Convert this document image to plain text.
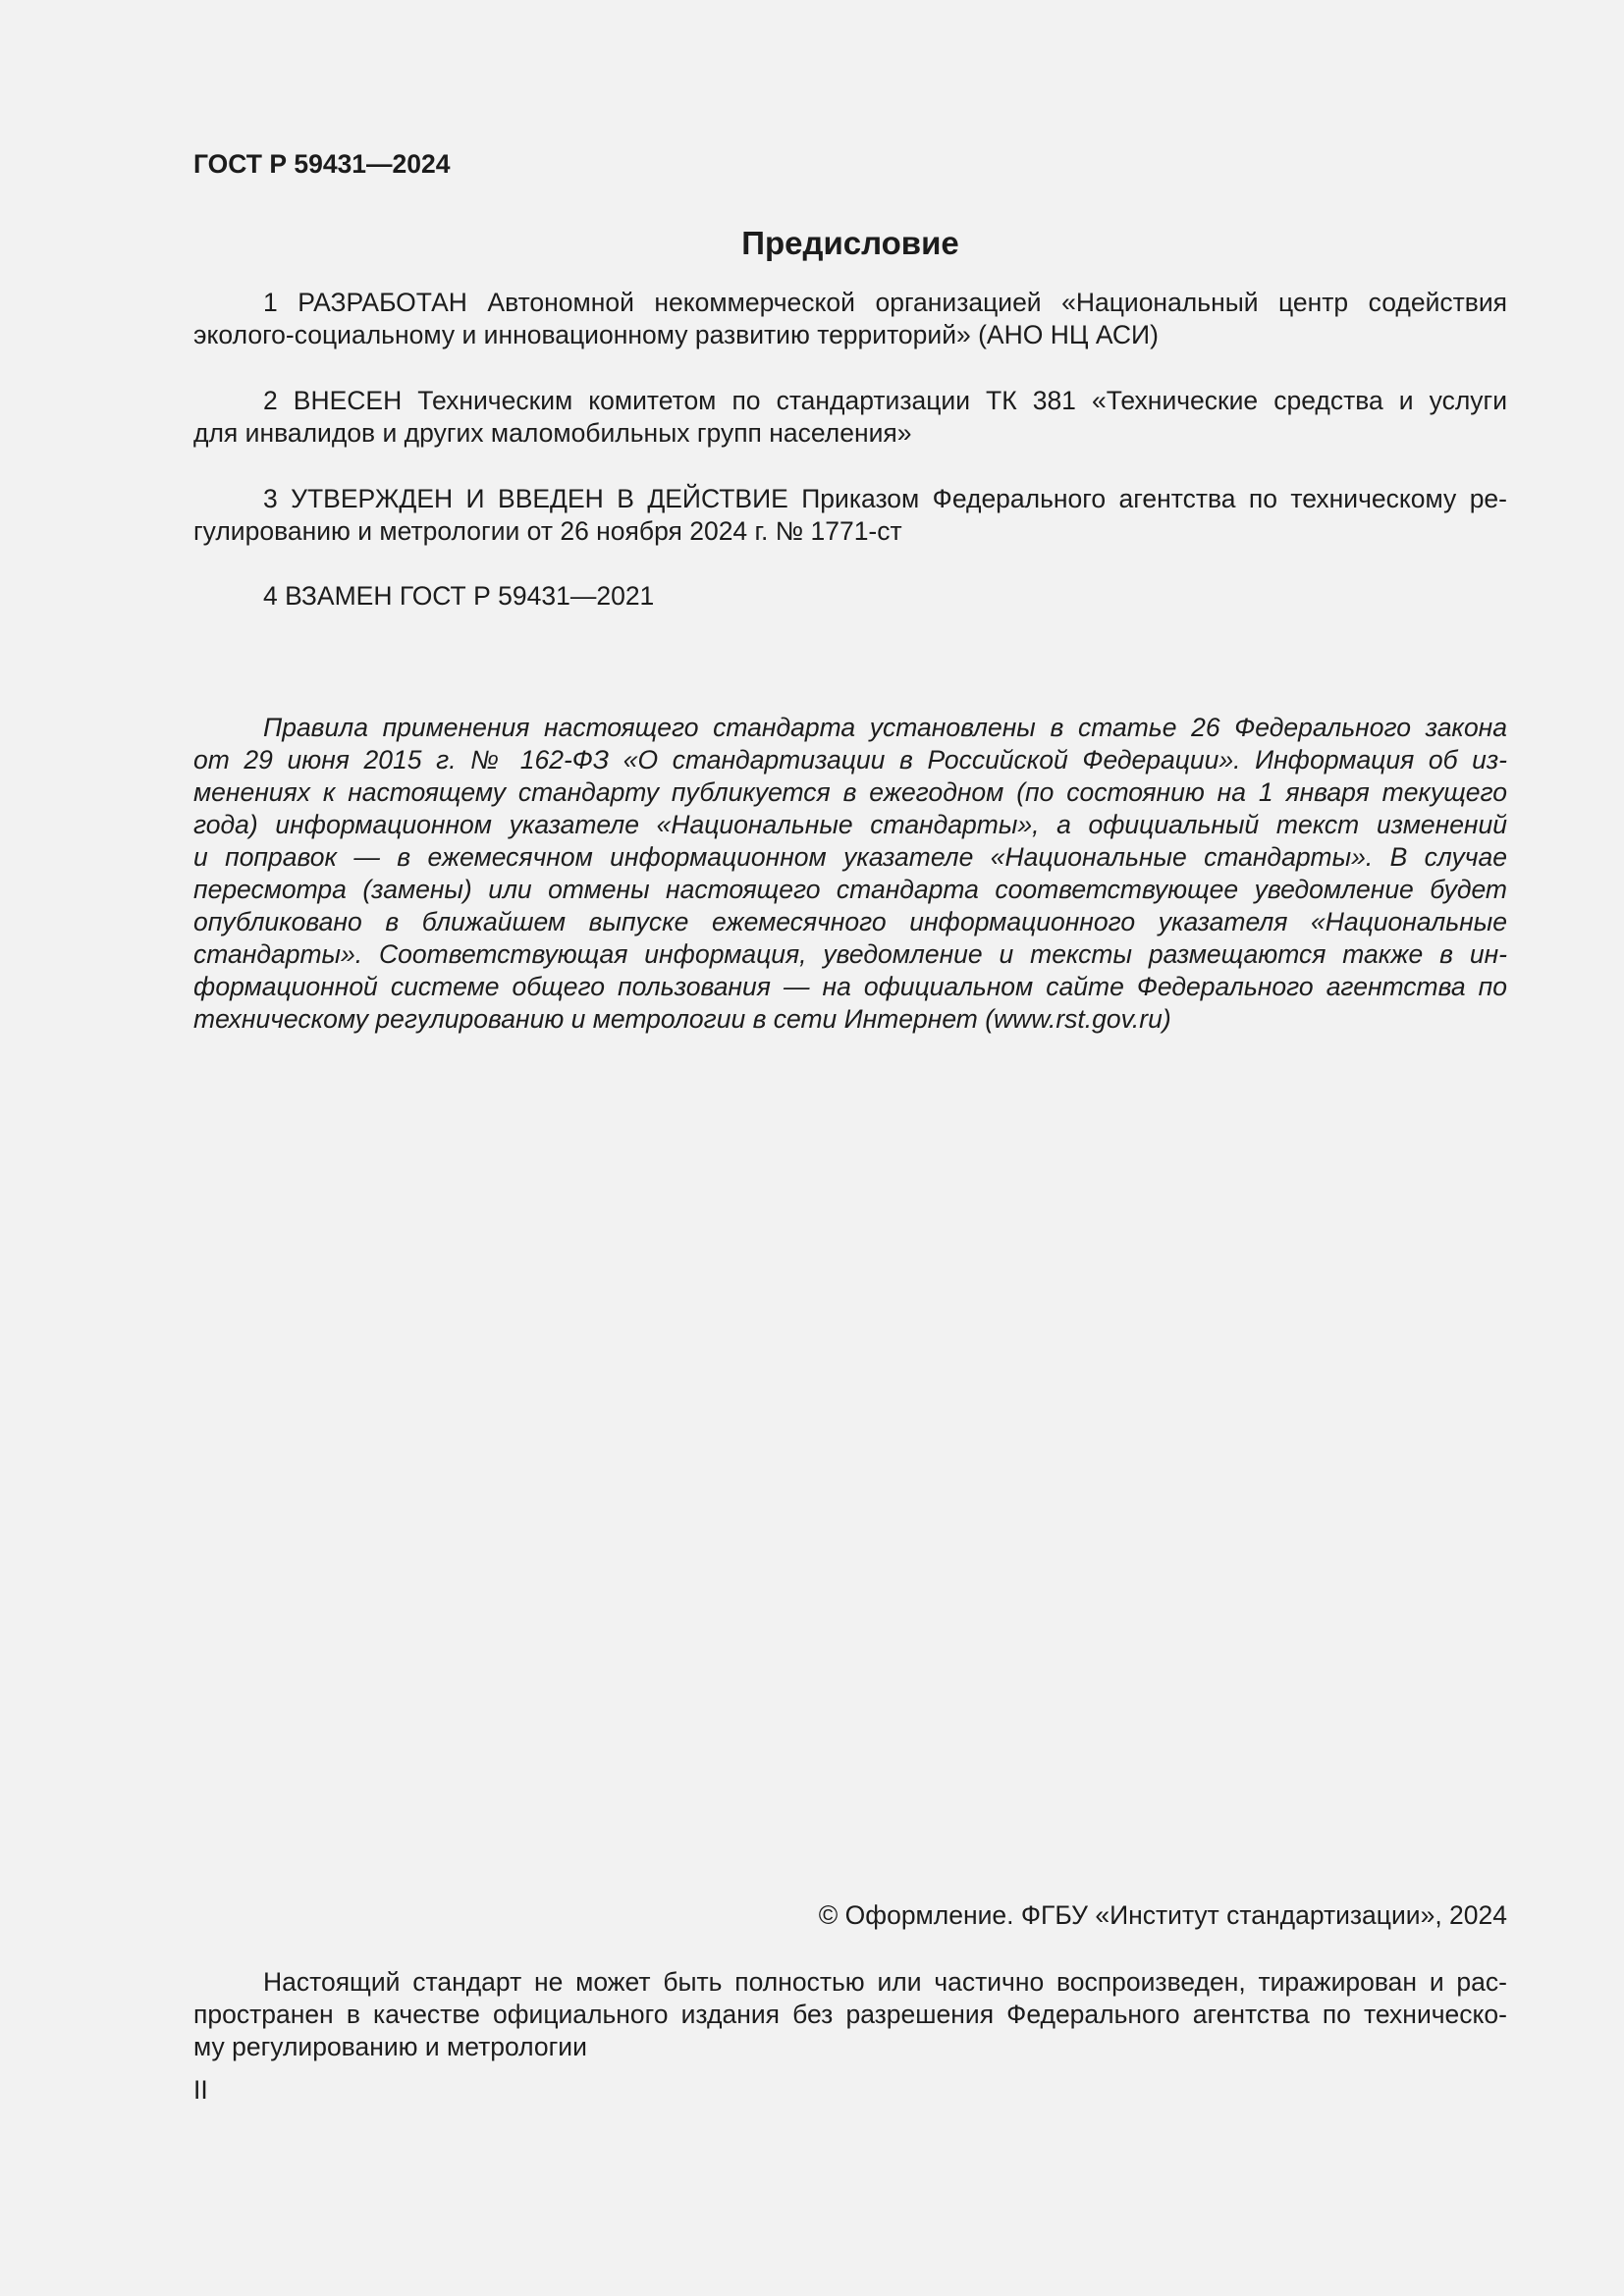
ГОСТ Р 59431—2024

Предисловие

1 РАЗРАБОТАН Автономной некоммерческой организацией «Национальный центр содействия
эколого-социальному и инновационному развитию территорий» (АНО НЦ АСИ)

2 ВНЕСЕН Техническим комитетом по стандартизации ТК 381 «Технические средства и услуги
для инвалидов и других маломобильных групп населения»

3 УТВЕРЖДЕН И ВВЕДЕН В ДЕЙСТВИЕ Приказом Федерального агентства по техническому ре-
гулированию и метрологии от 26 ноября 2024 г. № 1771-ст

4 ВЗАМЕН ГОСТ Р 59431—2021

Правила применения настоящего стандарта установлены в статье 26 Федерального закона
от 29 июня 2015 г. № 162-ФЗ «О стандартизации в Российской Федерации». Информация об из-
менениях к настоящему стандарту публикуется в ежегодном (по состоянию на 1 января текущего
года) информационном указателе «Национальные стандарты», а официальный текст изменений
и поправок — в ежемесячном информационном указателе «Национальные стандарты». В случае
пересмотра (замены) или отмены настоящего стандарта соответствующее уведомление будет
опубликовано в ближайшем выпуске ежемесячного информационного указателя «Национальные
стандарты». Соответствующая информация, уведомление и тексты размещаются также в ин-
формационной системе общего пользования — на официальном сайте Федерального агентства по
техническому регулированию и метрологии в сети Интернет (www.rst.gov.ru)

© Оформление. ФГБУ «Институт стандартизации», 2024

Настоящий стандарт не может быть полностью или частично воспроизведен, тиражирован и рас-
пространен в качестве официального издания без разрешения Федерального агентства по техническо-
му регулированию и метрологии

II
